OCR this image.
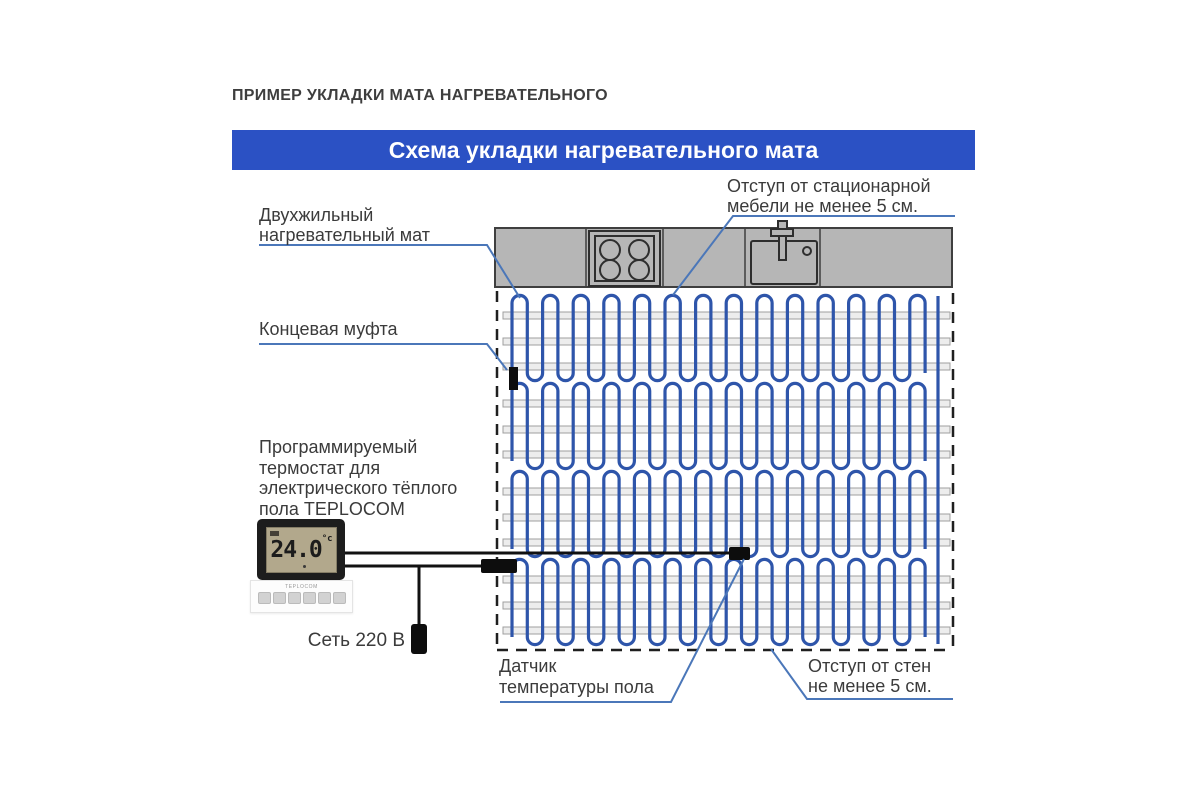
ПРИМЕР УКЛАДКИ МАТА НАГРЕВАТЕЛЬНОГО
Схема укладки нагревательного мата
Отступ от стационарной
мебели не менее 5 см.
Двухжильный
нагревательный мат
Концевая муфта
Программируемый
термостат для
электрического тёплого
пола TEPLOCOM
Сеть 220 В
Датчик
температуры пола
Отступ от стен
не менее 5 см.
24.0 °c
TEPLOCOM
